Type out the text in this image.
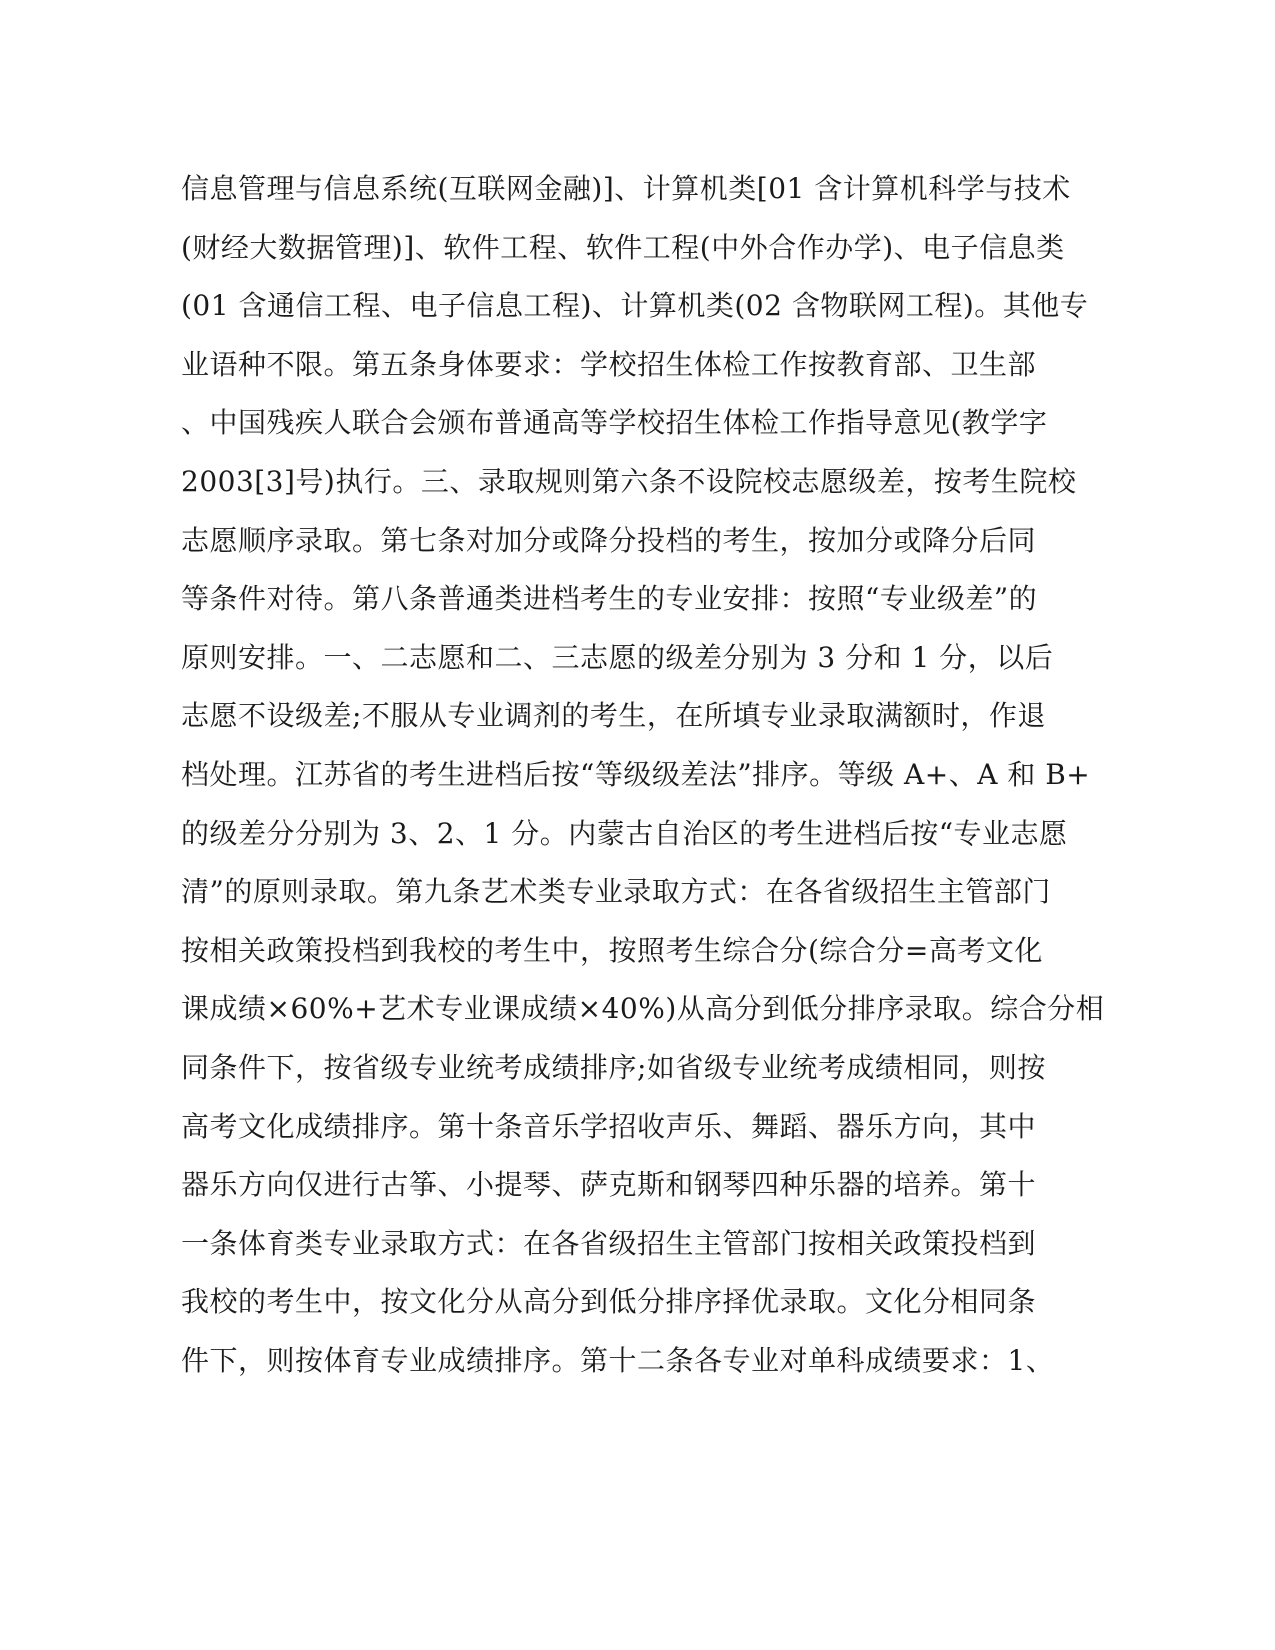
信息管理与信息系统(互联网金融)]、计算机类[01 含计算机科学与技术
(财经大数据管理)]、软件工程、软件工程(中外合作办学)、电子信息类
(01 含通信工程、电子信息工程)、计算机类(02 含物联网工程)。其他专
业语种不限。第五条身体要求：学校招生体检工作按教育部、卫生部
、中国残疾人联合会颁布普通高等学校招生体检工作指导意见(教学字
2003[3]号)执行。三、录取规则第六条不设院校志愿级差，按考生院校
志愿顺序录取。第七条对加分或降分投档的考生，按加分或降分后同
等条件对待。第八条普通类进档考生的专业安排：按照“专业级差”的
原则安排。一、二志愿和二、三志愿的级差分别为 3 分和 1 分，以后
志愿不设级差;不服从专业调剂的考生，在所填专业录取满额时，作退
档处理。江苏省的考生进档后按“等级级差法”排序。等级 A+、A 和 B+
的级差分分别为 3、2、1 分。内蒙古自治区的考生进档后按“专业志愿
清”的原则录取。第九条艺术类专业录取方式：在各省级招生主管部门
按相关政策投档到我校的考生中，按照考生综合分(综合分=高考文化
课成绩×60%+艺术专业课成绩×40%)从高分到低分排序录取。综合分相
同条件下，按省级专业统考成绩排序;如省级专业统考成绩相同，则按
高考文化成绩排序。第十条音乐学招收声乐、舞蹈、器乐方向，其中
器乐方向仅进行古筝、小提琴、萨克斯和钢琴四种乐器的培养。第十
一条体育类专业录取方式：在各省级招生主管部门按相关政策投档到
我校的考生中，按文化分从高分到低分排序择优录取。文化分相同条
件下，则按体育专业成绩排序。第十二条各专业对单科成绩要求：1、
